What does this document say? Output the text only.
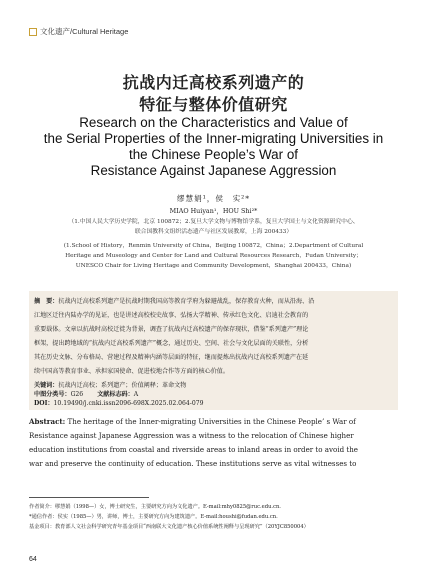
文化遗产/Cultural Heritage
抗战内迁高校系列遗产的
特征与整体价值研究
Research on the Characteristics and Value of
the Serial Properties of the Inner-migrating Universities in
the Chinese People’s War of
Resistance Against Japanese Aggression
缪慧娟¹，侯　实²*
MIAO Huiyan¹，HOU Shi²*
（1.中国人民大学历史学院，北京 100872；2.复旦大学文物与博物馆学系，复旦大学国土与文化资源研究中心、
联合国教科文组织活态遗产与社区发展教席，上海 200433）
(1.School of History，Renmin University of China，Beijing 100872，China；2.Department of Cultural
Heritage and Museology and Center for Land and Cultural Resources Research，Fudan University；
UNESCO Chair for Living Heritage and Community Development，Shanghai 200433，China)
摘　要：抗战内迁高校系列遗产是抗战时期我国高等教育学府为躲避战乱，保存教育火种，而从沿海、沿
江地区迁往内陆办学的见证，也是讲述高校校史故事、弘扬大学精神、传承红色文化、启迪社会教育的
重要载体。文章以抗战时高校迁徙为背景，调查了抗战内迁高校遗产的保存现状，借鉴“系列遗产”理论
框架，提出跨地域的“抗战内迁高校系列遗产”概念，通过历史、空间、社会与文化层面的关联性，分析
其在历史文脉、分布格局、营建过程及精神内涵等层面的特征，继而提炼出抗战内迁高校系列遗产在延
续中国高等教育事业、承担家国使命、促进校地合作等方面的核心价值。
关键词：抗战内迁高校；系列遗产；价值阐释；革命文物
中图分类号：G26 文献标志码：A
DOI：10.19490/j.cnki.issn2096-698X.2025.02.064-079
Abstract: The heritage of the Inner-migrating Universities in the Chinese People’ s War of
Resistance against Japanese Aggression was a witness to the relocation of Chinese higher
education institutions from coastal and riverside areas to inland areas in order to avoid the
war and preserve the continuity of education. These institutions serve as vital witnesses to
作者简介：缪慧娟（1998—）女，博士研究生，主要研究方向为文化遗产。E-mail:mhy0825@ruc.edu.cn.
*通信作者：侯实（1985—）男，讲师，博士，主要研究方向为建筑遗产。E-mail:houshi@fudan.edu.cn.
基金项目：教育部人文社会科学研究青年基金项目“西南联大文化遗产核心价值系统性阐释与呈现研究”（20YJC850004）
64
